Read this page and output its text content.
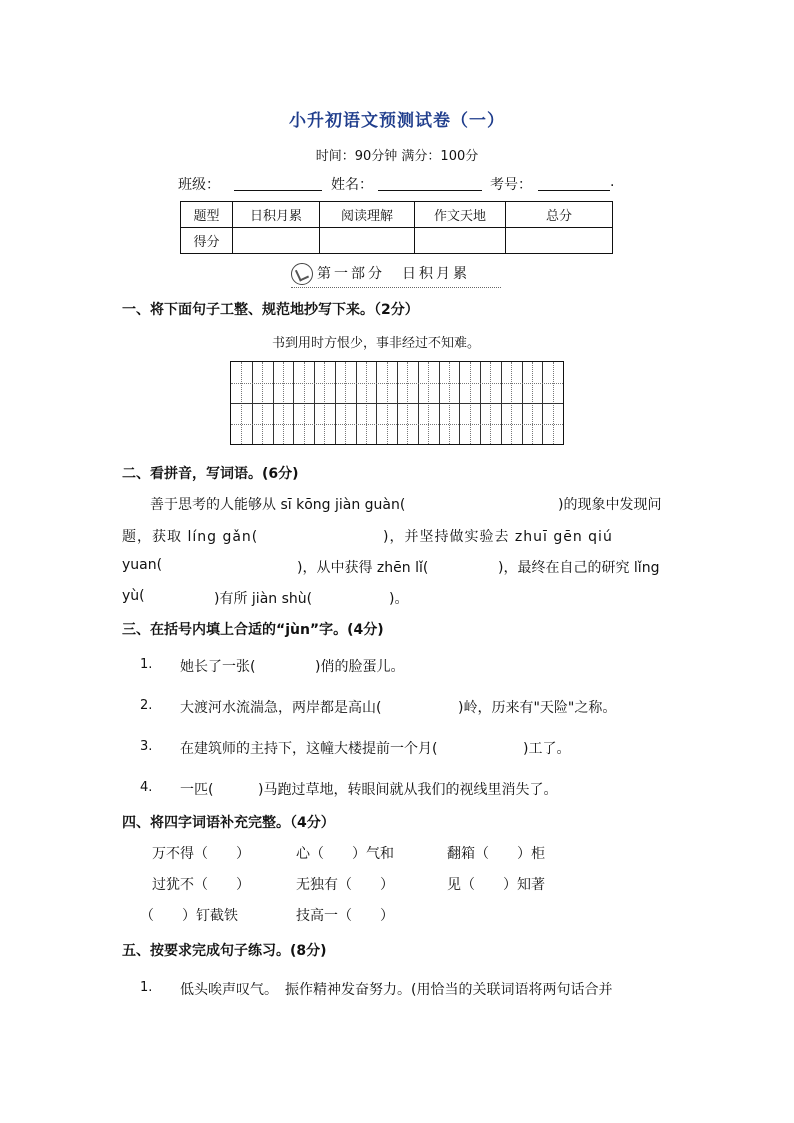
小升初语文预测试卷（一）
时间：90分钟 满分：100分
班级：	姓名：	考号：	.
题型	日积月累	阅读理解	作文天地	总分
得分				
第一部分　日积月累
一、将下面句子工整、规范地抄写下来。（2分）
书到用时方恨少，事非经过不知难。
二、看拼音，写词语。(6分)
善于思考的人能够从 sī kōng jiàn guàn(	)的现象中发现问
题，获取 líng gǎn(	)，并坚持做实验去 zhuī gēn qiú
yuan(	)，从中获得 zhēn lǐ(	)，最终在自己的研究 lǐng
yù(	)有所 jiàn shù(	)。
三、在括号内填上合适的“jùn”字。(4分)
1. 她长了一张(	)俏的脸蛋儿。
2. 大渡河水流湍急，两岸都是高山(	)岭，历来有"天险"之称。
3. 在建筑师的主持下，这幢大楼提前一个月(	)工了。
4. 一匹(	)马跑过草地，转眼间就从我们的视线里消失了。
四、将四字词语补充完整。（4分）
万不得（　　）	心（　　）气和	翻箱（　　）柜
过犹不（　　）	无独有（　　）	见（　　）知著
（　　）钉截铁	技高一（　　）
五、按要求完成句子练习。(8分)
1. 低头唉声叹气。　振作精神发奋努力。(用恰当的关联词语将两句话合并
